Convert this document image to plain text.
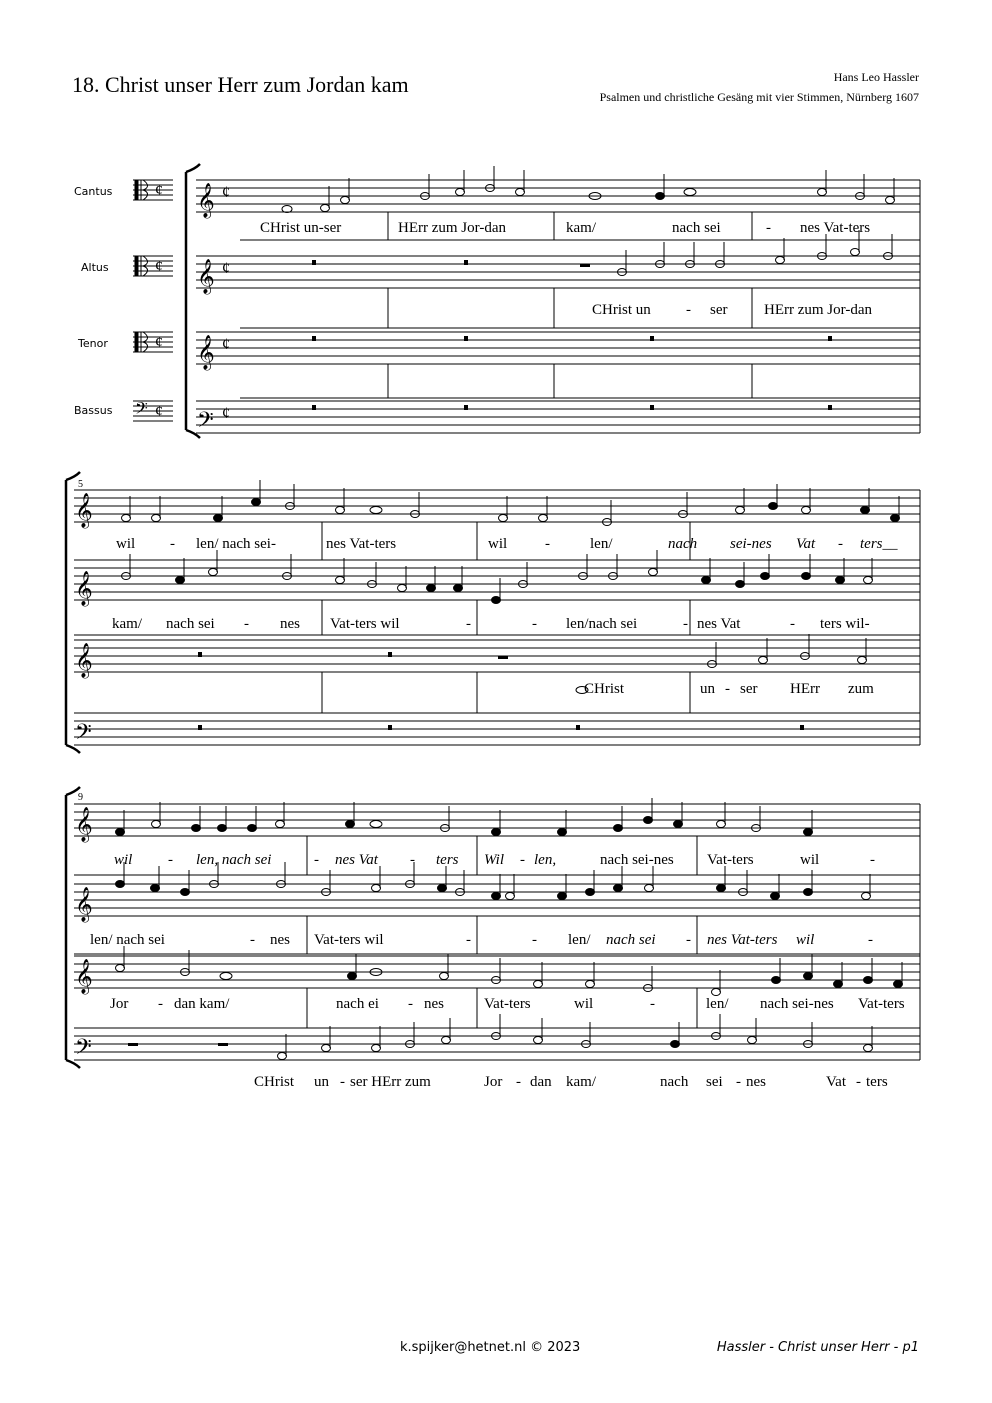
18. Christ unser Herr zum Jordan kam	Hans Leo Hassler
Psalmen und christliche Gesäng mit vier Stimmen, Nürnberg 1607
Cantus
Altus
Tenor
Bassus
¢
¢
¢
𝄢 ¢
𝄞 ¢
𝄞 ¢
𝄞 ¢
𝄢 ¢
CHrist un-ser	HErr zum Jor-dan	kam/	nach sei	- nes Vat-ters
CHrist un - ser HErr zum Jor-dan
5
𝄞
𝄞
𝄞
𝄢
wil - len/ nach sei-	nes Vat-ters	wil	-	len/	nach sei-nes Vat - ters__
kam/ nach sei - nes Vat-ters wil	-	- len/nach sei	- nes Vat	- ters wil-
CHrist	un - ser HErr zum
9
𝄞
𝄞
𝄞
𝄢
wil - len, nach sei	- nes Vat - ters Wil - len,	nach sei-nes Vat-ters	wil	-
len/ nach sei	- nes Vat-ters wil	-	- len/ nach sei - nes Vat-ters wil	-
Jor - dan kam/	nach ei - nes	Vat-ters	wil	-	len/ nach sei-nes Vat-ters
CHrist un - ser HErr zum	Jor - dan kam/	nach sei - nes	Vat - ters
k.spijker@hetnet.nl © 2023	Hassler - Christ unser Herr - p1
